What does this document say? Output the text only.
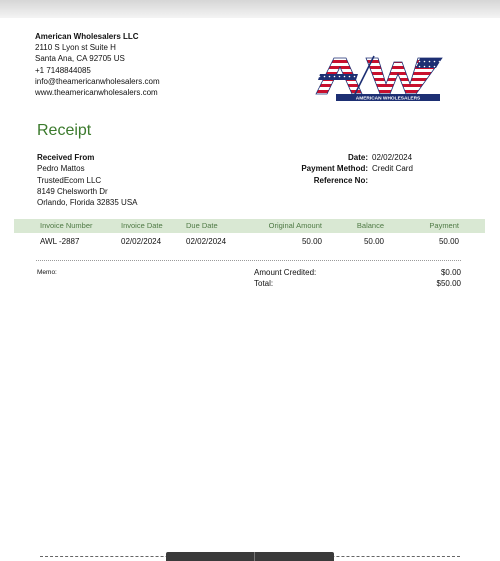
American Wholesalers LLC
2110 S Lyon st Suite H
Santa Ana, CA 92705 US
+1 7148844085
info@theamericanwholesalers.com
www.theamericanwholesalers.com
AMERICAN WHOLESALERS
Receipt
Received From
Pedro Mattos
TrustedEcom LLC
8149 Chelsworth Dr
Orlando, Florida 32835 USA
Date: 02/02/2024
Payment Method: Credit Card
Reference No:
Invoice Number	Invoice Date	Due Date	Original Amount	Balance	Payment
AWL -2887	02/02/2024	02/02/2024	50.00	50.00	50.00
Memo:	Amount Credited:	$0.00
Total:	$50.00
